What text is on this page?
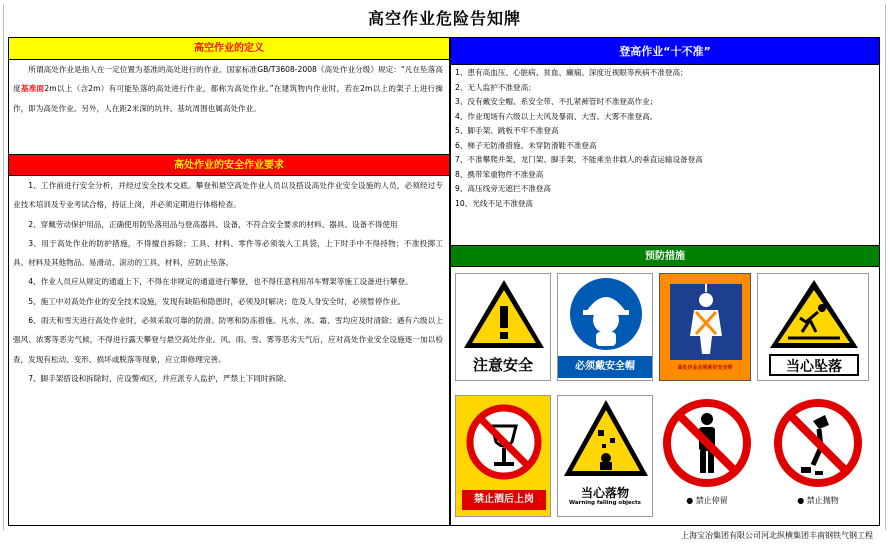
高空作业危险告知牌
高空作业的定义
所谓高处作业是指人在一定位置为基准的高处进行的作业。国家标准GB/T3608-2008《高处作业分级》规定：“凡在坠落高度基准面2m以上（含2m）有可能坠落的高处进行作业，都称为高处作业。”在建筑物内作业时，若在2m以上的架子上进行操作，即为高处作业。另外，人在距2米深的坑井、基坑周围也属高处作业。
高处作业的安全作业要求
1、工作前进行安全分析，并经过安全技术交底。攀登和悬空高处作业人员以及搭设高处作业安全设施的人员，必须经过专业技术培训及专业考试合格，持证上岗，并必须定期进行体格检查。
2、穿戴劳动保护用品，正确使用防坠落用品与登高器具、设备，不符合安全要求的材料、器具、设备不得使用
3、用于高处作业的防护措施，不得擅自拆除；工具、材料、零件等必须装入工具袋，上下时手中不得持物；不准投掷工具、材料及其他物品。易滑动、滚动的工具、材料，应防止坠落。
4、作业人员应从规定的通道上下，不得在非规定的通道进行攀登，也不得任意利用吊车臂架等施工设备进行攀登。
5、施工中对高处作业的安全技术设施，发现有缺陷和隐患时，必须及时解决；危及人身安全时，必须暂停作业。
6、雨天和雪天进行高处作业时，必须采取可靠的防滑、防寒和防冻措施。凡水、冰、霜、雪均应及时清除；遇有六级以上强风、浓雾等恶劣气候，不得进行露天攀登与悬空高处作业。风、雨、雪、雾等恶劣天气后，应对高处作业安全设施逐一加以检查，发现有松动、变形、损坏或脱落等现象，应立即修理完善。
7、脚手架搭设和拆除时，应设警戒区，并应派专人监护，严禁上下同时拆除。
登高作业“十不准”
1、患有高血压、心脏病、贫血、癫痫、深度近视眼等疾病不准登高；
2、无人监护不准登高；
3、没有戴安全帽、系安全带、不扎紧裤管时不准登高作业；
4、作业现场有六级以上大风及暴雨、大雪、大雾不准登高。
5、脚手架、跳板不牢不准登高
6、梯子无防滑措施、未穿防滑鞋不准登高
7、不准攀爬井架、龙门架、脚手架，不能乘坐非载人的垂直运输设备登高
8、携带笨重物件不准登高
9、高压线旁无遮拦不准登高
10、光线不足不准登高
预防措施
注意安全	必须戴安全帽	高处作业必须系好安全带	当心坠落
禁止酒后上岗	当心落物
Warning falling objects	● 禁止停留	● 禁止抛物
上海宝冶集团有限公司河北纵横集团丰南钢铁气钢工程
